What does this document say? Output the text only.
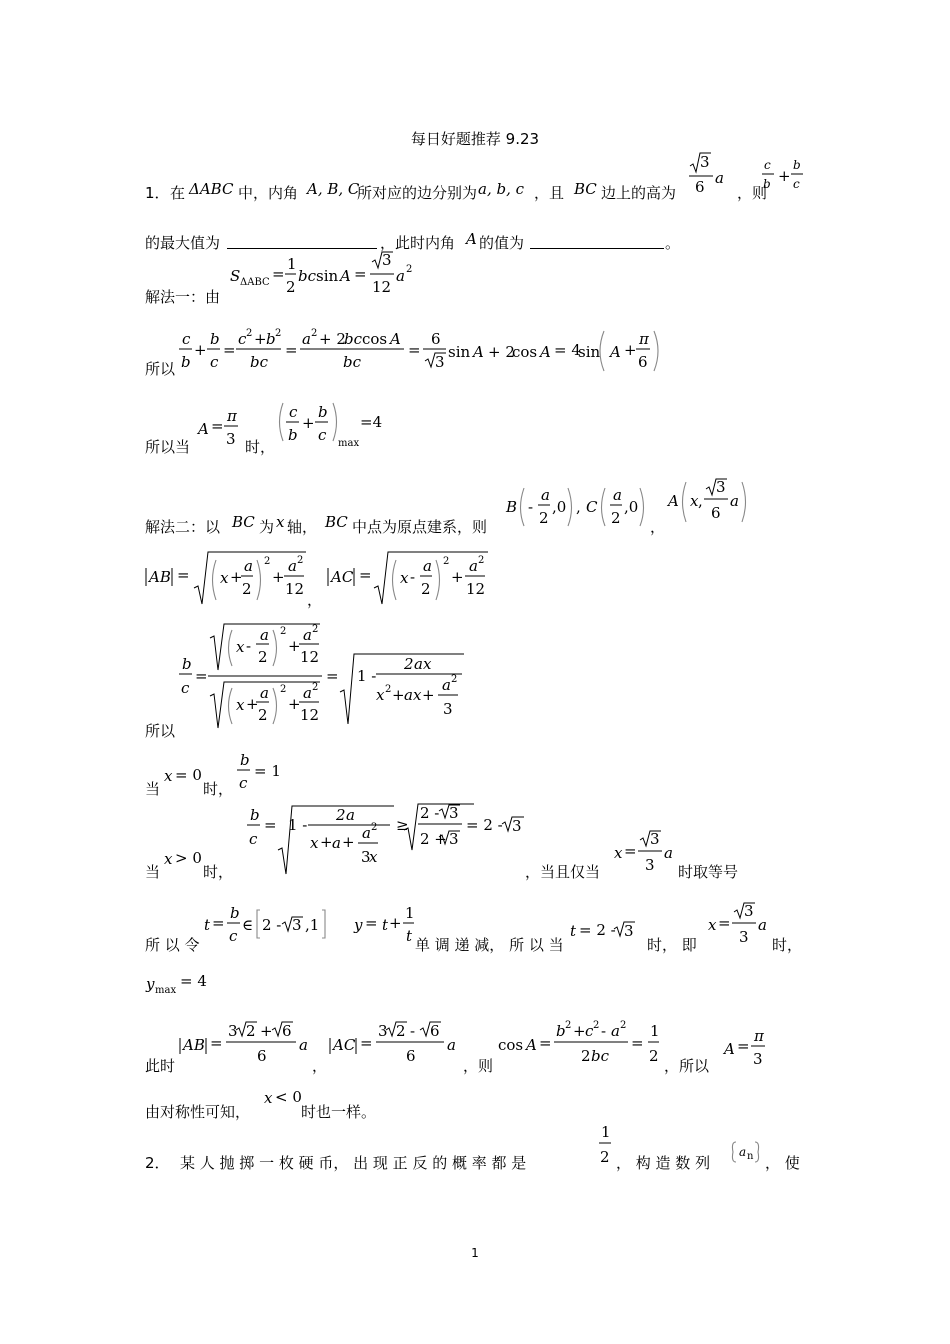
每日好题推荐 9.23
1． 在 ΔABC 中，内角 A, B, C
所对应的边分别为 a, b, c ，且 BC 边上的高为
3
6 a
，则
c
b +
b
c
的最大值为	，此时内角 A 的值为	。
解法一：由
S ΔABC =
1
2
bc sin A =
3
12
a 2
所以
c
b
+
b
c
=
c 2 + b 2
bc
=
a 2 + 2
bc cos A
bc
=
6
3
sin A + 2
cos A = 4
sin A +
π
6
所以当
A =
π
3 时，
c
b
+
b
c max
=4
解法二：以 BC 为 x 轴， BC 中点为原点建系，则
B -
a
2
,0 , C
a
2
,0
，
A x ,
3
6
a
AB = x +
a
2
2
+
a 2
12
，
AC = x -
a
2
2
+
a 2
12
所以
b
c
=
x -
a
2
2
+
a 2
12
x +
a
2
2
+
a 2
12
= 1 -
2 ax
x 2 + ax +
a 2
3
当
x = 0
时，
b
c
= 1
当
x > 0
时，
b
c
= 1 -
2 a
x + a + a 2
3
x
≥
2 - 3
2 + 3
= 2 - 3
，当且仅当
x =
3
3
a
时取等号
所 以 令
t =
b
c
∈ 2 - 3 ,1 y = t +
1
t 单 调 递 减， 所 以 当
t = 2 - 3
时， 即
x =
3
3
a
时，
y max
= 4
此时
AB =
3 2 + 6
6
a
，
AC =
3 2 - 6
6
a
，则
cos A =
b 2 + c 2 - a 2
2 bc
=
1
2
，所以
A =
π
3
由对称性可知，
x < 0
时也一样。
2． 某 人 抛 掷 一 枚 硬 币， 出 现 正 反 的 概 率 都 是
1
2 ， 构 造 数 列
a n ， 使
1
